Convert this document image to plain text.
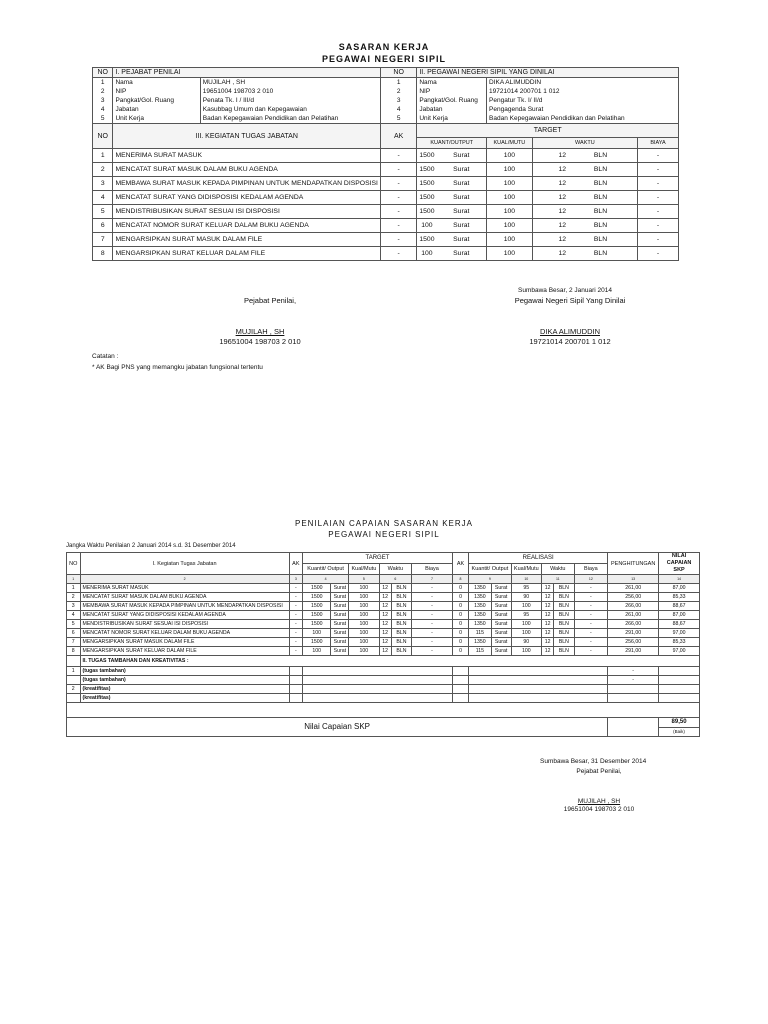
SASARAN KERJA
PEGAWAI NEGERI SIPIL
NO	I. PEJABAT PENILAI		NO	II. PEGAWAI NEGERI SIPIL YANG DINILAI					
1	Nama	MUJILAH , SH	1	Nama		DIKA ALIMUDDIN			
2	NIP	19651004 198703 2 010	2	NIP		19721014 200701 1 012			
3	Pangkat/Gol. Ruang	Penata Tk. I / III/d	3	Pangkat/Gol. Ruang		Pengatur Tk. I/ II/d			
4	Jabatan	Kasubbag Umum dan Kepegawaian	4	Jabatan		Pengagenda Surat			
5	Unit Kerja	Badan Kepegawaian Pendidikan dan Pelatihan	5	Unit Kerja		Badan Kepegawaian Pendidikan dan Pelatihan			
NO	III. KEGIATAN TUGAS JABATAN		AK	TARGET					
				KUANT/OUTPUT		KUAL/MUTU	WAKTU		BIAYA
1	MENERIMA SURAT MASUK		-	1500	Surat	100	12	BLN	-
2	MENCATAT SURAT MASUK DALAM BUKU AGENDA		-	1500	Surat	100	12	BLN	-
3	MEMBAWA SURAT MASUK KEPADA PIMPINAN UNTUK MENDAPATKAN DISPOSISI		-	1500	Surat	100	12	BLN	-
4	MENCATAT SURAT YANG DIDISPOSISI KEDALAM AGENDA		-	1500	Surat	100	12	BLN	-
5	MENDISTRIBUSIKAN SURAT SESUAI ISI DISPOSISI		-	1500	Surat	100	12	BLN	-
6	MENCATAT NOMOR SURAT KELUAR DALAM BUKU AGENDA		-	100	Surat	100	12	BLN	-
7	MENGARSIPKAN SURAT MASUK DALAM FILE		-	1500	Surat	100	12	BLN	-
8	MENGARSIPKAN SURAT KELUAR DALAM FILE		-	100	Surat	100	12	BLN	-
Sumbawa Besar, 2 Januari 2014
Pejabat Penilai,	Pegawai Negeri Sipil Yang Dinilai
MUJILAH , SH
19651004 198703 2 010
DIKA ALIMUDDIN
19721014 200701 1 012
Catatan :
* AK Bagi PNS yang memangku jabatan fungsional tertentu
PENILAIAN CAPAIAN SASARAN KERJA
PEGAWAI NEGERI SIPIL
Jangka Waktu Penilaian 2 Januari 2014 s.d. 31 Desember 2014
NO	I. Kegiatan Tugas Jabatan	AK	TARGET						AK	REALISASI						PENGHITUNGAN	NILAI CAPAIAN SKP
			Kuantit/ Output		Kual/Mutu	Waktu		Biaya		Kuantit/ Output		Kual/Mutu	Waktu		Biaya		
1	2	3	4		5	6		7	8	9		10	11		12	13	14
1	MENERIMA SURAT MASUK	-	1500	Surat	100	12	BLN	-	0	1350	Surat	95	12	BLN	-	261,00	87,00
2	MENCATAT SURAT MASUK DALAM BUKU AGENDA	-	1500	Surat	100	12	BLN	-	0	1350	Surat	90	12	BLN	-	256,00	85,33
3	MEMBAWA SURAT MASUK KEPADA PIMPINAN UNTUK MENDAPATKAN DISPOSISI	-	1500	Surat	100	12	BLN	-	0	1350	Surat	100	12	BLN	-	266,00	88,67
4	MENCATAT SURAT YANG DIDISPOSISI KEDALAM AGENDA	-	1500	Surat	100	12	BLN	-	0	1350	Surat	95	12	BLN	-	261,00	87,00
5	MENDISTRIBUSIKAN SURAT SESUAI ISI DISPOSISI	-	1500	Surat	100	12	BLN	-	0	1350	Surat	100	12	BLN	-	266,00	88,67
6	MENCATAT NOMOR SURAT KELUAR DALAM BUKU AGENDA	-	100	Surat	100	12	BLN	-	0	115	Surat	100	12	BLN	-	291,00	97,00
7	MENGARSIPKAN SURAT MASUK DALAM FILE	-	1500	Surat	100	12	BLN	-	0	1350	Surat	90	12	BLN	-	256,00	85,33
8	MENGARSIPKAN SURAT KELUAR DALAM FILE	-	100	Surat	100	12	BLN	-	0	115	Surat	100	12	BLN	-	291,00	97,00
	II. TUGAS TAMBAHAN DAN KREATIVITAS :																
1	(tugas tambahan)															-	
	(tugas tambahan)															-	
2	(kreatifitas)																
	(kreatifitas)																

Nilai Capaian SKP																	89,50
																	(Baik)
Sumbawa Besar, 31 Desember 2014
Pejabat Penilai,
MUJILAH , SH
19651004 198703 2 010
